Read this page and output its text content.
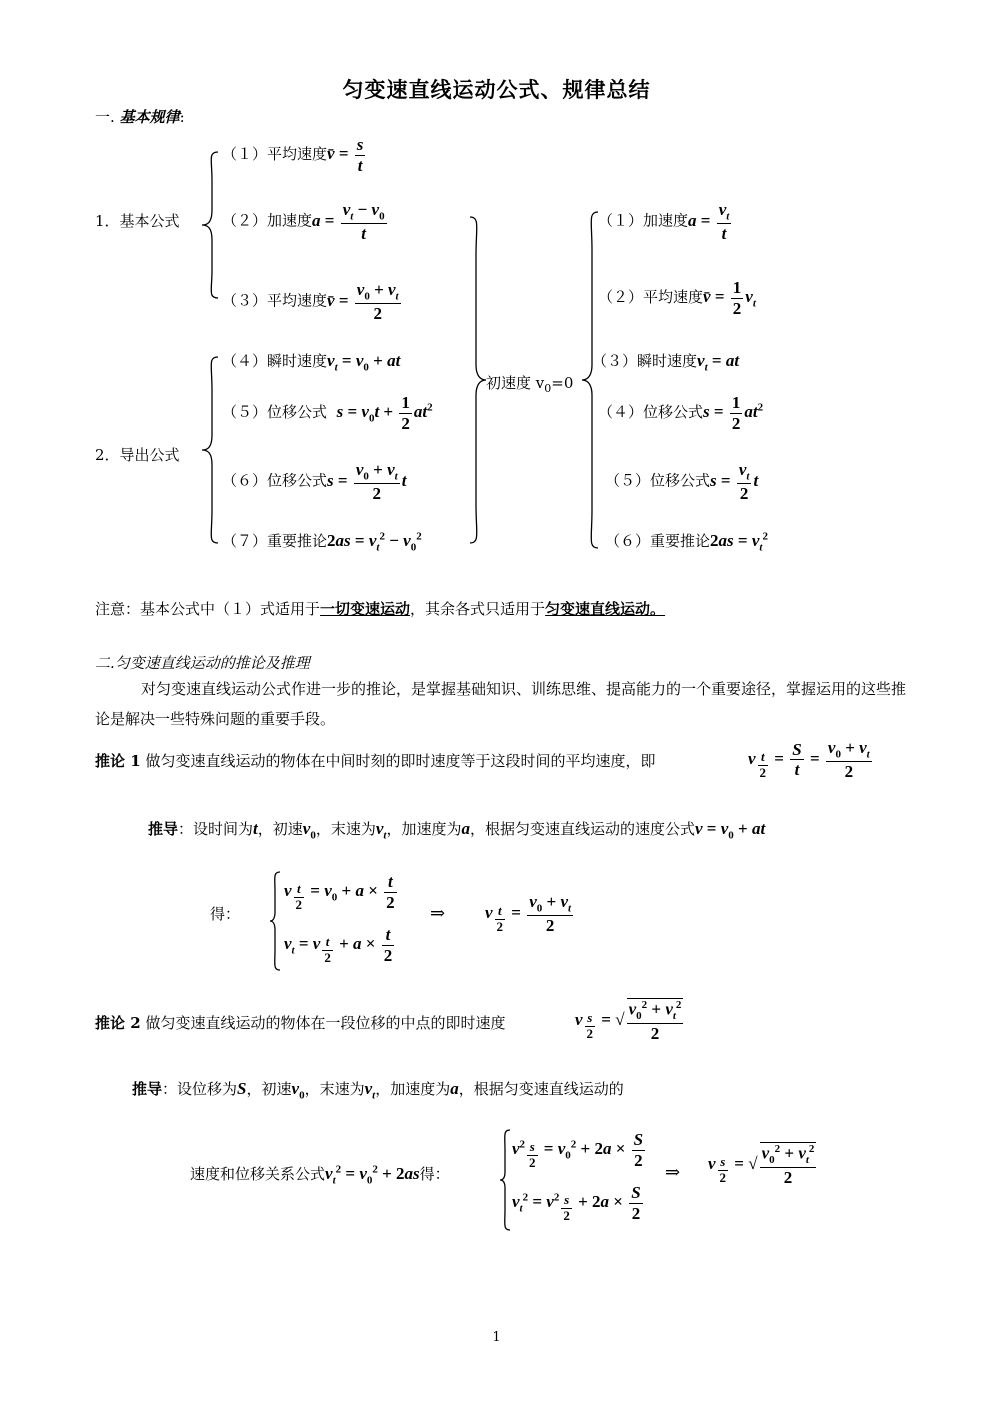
匀变速直线运动公式、规律总结
一. 基本规律:
1．基本公式
2．导出公式
初速度 $v_0=0$
（１）平均速度v̄ = $\frac{s}{t}$
（２）加速度$a = \frac{v_t - v_0}{t}$
（３）平均速度v̄ = $\frac{v_0 + v_t}{2}$
（４）瞬时速度$v_t = v_0$ + at
（５）位移公式 $s = v_0t + \frac{1}{2} at^2$
（６）位移公式$s = \frac{v_0 + v_t}{2}$ t
（７）重要推论$2as = v_t^2 - v_0^2$
（１）加速度$a = \frac{v_t}{t}$
（２）平均速度v̄ = $\frac{1}{2} v_t$
（３）瞬时速度$v_t$ = at
（４）位移公式$s = \frac{1}{2} at^2$
（５）位移公式$s = \frac{v_t}{2}$ t
（６）重要推论$2as = v_t^2$
注意：基本公式中（１）式适用于一切变速运动，其余各式只适用于匀变速直线运动。
二.匀变速直线运动的推论及推理
对匀变速直线运动公式作进一步的推论，是掌握基础知识、训练思维、提高能力的一个重要途径，掌握运用的这些推论是解决一些特殊问题的重要手段。
推论 1 做匀变速直线运动的物体在中间时刻的即时速度等于这段时间的平均速度，即	v $_{\frac{t}{2}} = \frac{S}{t} = \frac{v_0 + v_t}{2}$
推导：设时间为t，初速$v_0$，末速为$v_t$，加速度为a，根据匀变速直线运动的速度公式$v = v_0$ + at
得：
v $_{\frac{t}{2}} = v_0 + a \times \frac{t}{2}$
$v_t = v$ $_{\frac{t}{2}} + a \times \frac{t}{2}$
⇒ v $_{\frac{t}{2}} = \frac{v_0 + v_t}{2}$
推论 2 做匀变速直线运动的物体在一段位移的中点的即时速度	v $_{\frac{s}{2}}$ = √ $\frac{v_0^2 + v_t^2}{2}$
推导：设位移为S，初速$v_0$，末速为$v_t$，加速度为a，根据匀变速直线运动的
速度和位移关系公式$v_t^2 = v_0^2 + 2as$得：
$v^2$ $_{\frac{s}{2}} = v_0^2 + 2a \times \frac{S}{2}$
$v_t^2 = v^2$ $_{\frac{s}{2}} + 2a \times \frac{S}{2}$
⇒ v $_{\frac{s}{2}}$ = √ $\frac{v_0^2 + v_t^2}{2}$
1
